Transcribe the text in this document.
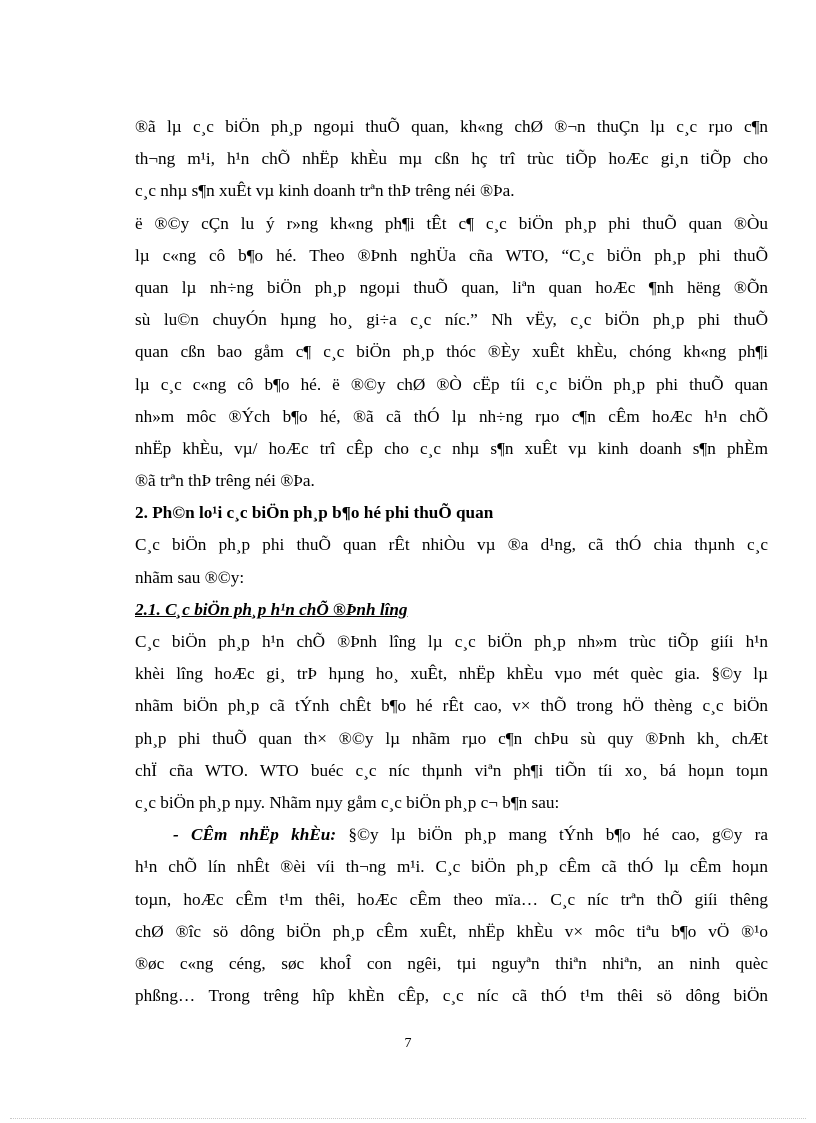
®ã lµ c¸c biÖn ph¸p ngoµi thuÕ quan, kh«ng chØ ®¬n thuÇn lµ c¸c rµo c¶n
th¬ng m¹i, h¹n chÕ nhËp khÈu mµ cßn hç trî trùc tiÕp hoÆc gi¸n tiÕp cho
c¸c nhµ s¶n xuÊt vµ kinh doanh trªn thÞ trêng néi ®Þa.
ë ®©y cÇn lu ý r»ng kh«ng ph¶i tÊt c¶ c¸c biÖn ph¸p phi thuÕ quan ®Òu
lµ c«ng cô b¶o hé. Theo ®Þnh nghÜa cña WTO, “C¸c biÖn ph¸p phi thuÕ
quan lµ nh÷ng biÖn ph¸p ngoµi thuÕ quan, liªn quan hoÆc ¶nh hëng ®Õn
sù lu©n chuyÓn hµng ho¸ gi÷a c¸c níc.” Nh vËy, c¸c biÖn ph¸p phi thuÕ
quan cßn bao gåm c¶ c¸c biÖn ph¸p thóc ®Èy xuÊt khÈu, chóng kh«ng ph¶i
lµ c¸c c«ng cô b¶o hé. ë ®©y chØ ®Ò cËp tíi c¸c biÖn ph¸p phi thuÕ quan
nh»m môc ®Ých b¶o hé, ®ã cã thÓ lµ nh÷ng rµo c¶n cÊm hoÆc h¹n chÕ
nhËp khÈu, vµ/ hoÆc trî cÊp cho c¸c nhµ s¶n xuÊt vµ kinh doanh s¶n phÈm
®ã trªn thÞ trêng néi ®Þa.
2. Ph©n lo¹i c¸c biÖn ph¸p b¶o hé phi thuÕ quan
C¸c biÖn ph¸p phi thuÕ quan rÊt nhiÒu vµ ®a d¹ng, cã thÓ chia thµnh c¸c
nhãm sau ®©y:
2.1. C¸c biÖn ph¸p h¹n chÕ ®Þnh lîng
C¸c biÖn ph¸p h¹n chÕ ®Þnh lîng lµ c¸c biÖn ph¸p nh»m trùc tiÕp giíi h¹n
khèi lîng hoÆc gi¸ trÞ hµng ho¸ xuÊt, nhËp khÈu vµo mét quèc gia. §©y lµ
nhãm biÖn ph¸p cã tÝnh chÊt b¶o hé rÊt cao, v× thÕ trong hÖ thèng c¸c biÖn
ph¸p phi thuÕ quan th× ®©y lµ nhãm rµo c¶n chÞu sù quy ®Þnh kh¸ chÆt
chÏ cña WTO. WTO buéc c¸c níc thµnh viªn ph¶i tiÕn tíi xo¸ bá hoµn toµn
c¸c biÖn ph¸p nµy. Nhãm nµy gåm c¸c biÖn ph¸p c¬ b¶n sau:
- CÊm nhËp khÈu: §©y lµ biÖn ph¸p mang tÝnh b¶o hé cao, g©y ra
h¹n chÕ lín nhÊt ®èi víi th¬ng m¹i. C¸c biÖn ph¸p cÊm cã thÓ lµ cÊm hoµn
toµn, hoÆc cÊm t¹m thêi, hoÆc cÊm theo mïa… C¸c níc trªn thÕ giíi thêng
chØ ®îc sö dông biÖn ph¸p cÊm xuÊt, nhËp khÈu v× môc tiªu b¶o vÖ ®¹o
®øc c«ng céng, søc khoÎ con ngêi, tµi nguyªn thiªn nhiªn, an ninh quèc
phßng… Trong trêng hîp khÈn cÊp, c¸c níc cã thÓ t¹m thêi sö dông biÖn
7
